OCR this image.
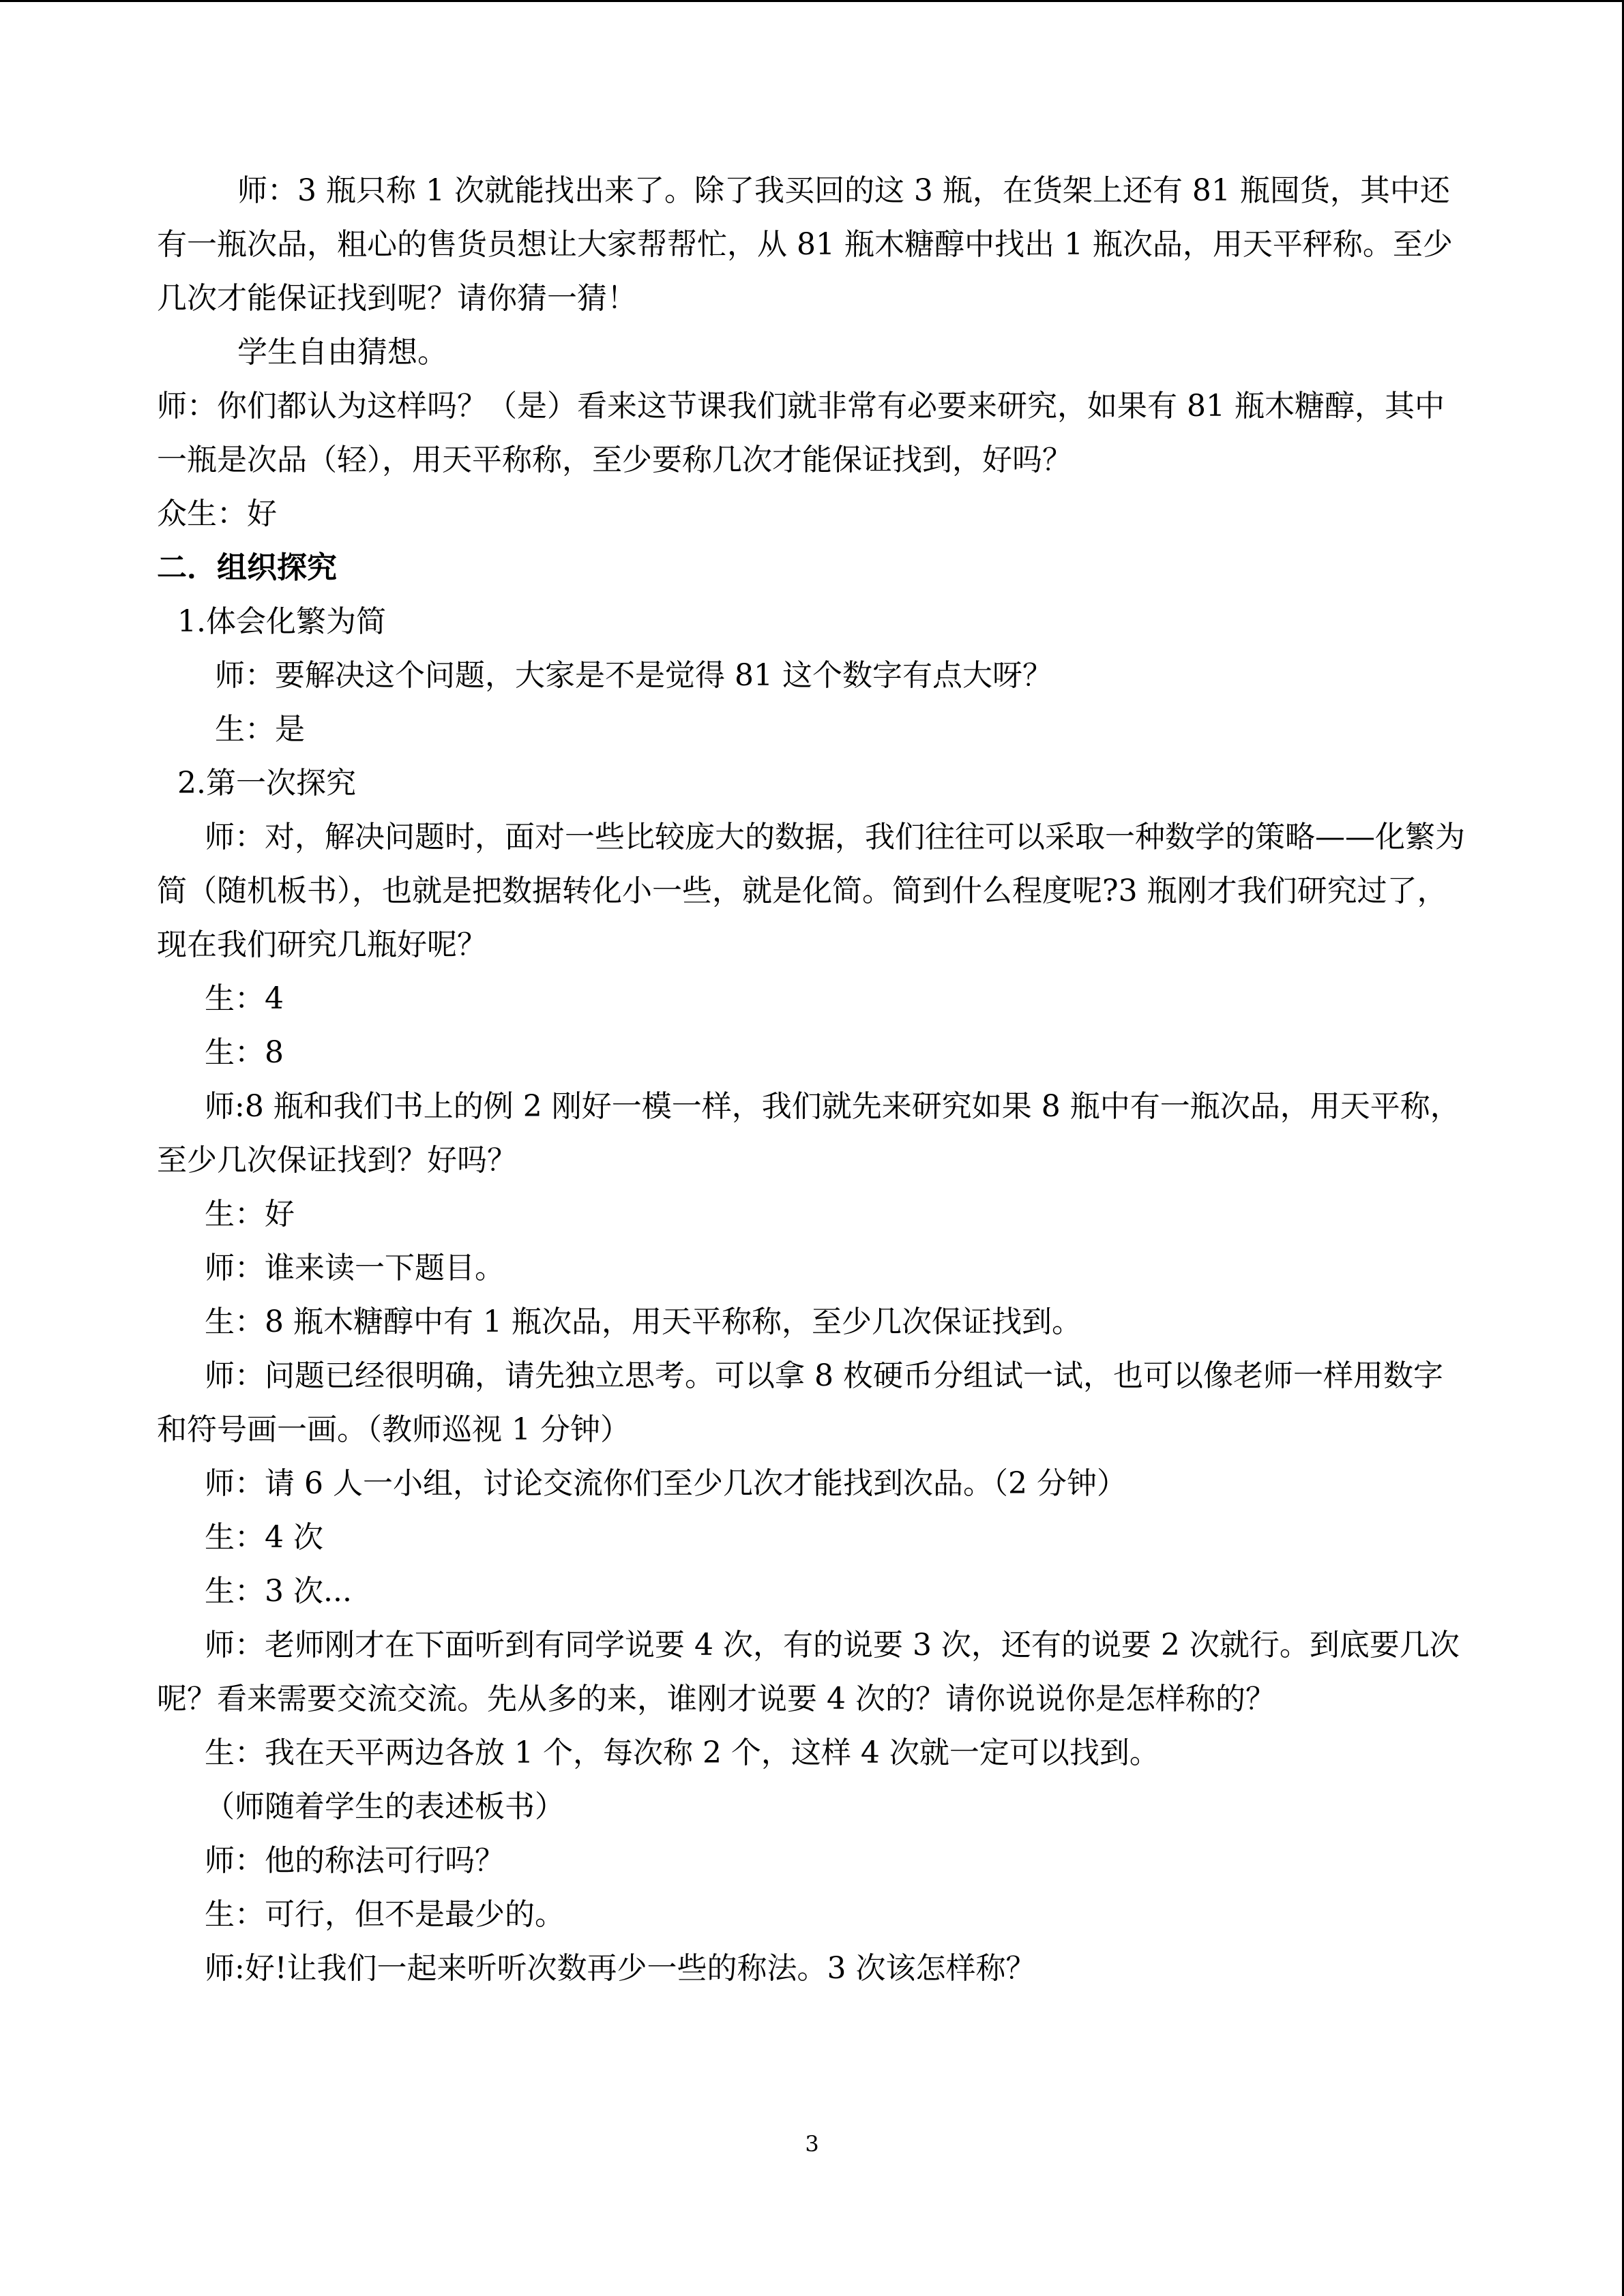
师：3 瓶只称 1 次就能找出来了。除了我买回的这 3 瓶，在货架上还有 81 瓶囤货，其中还有一瓶次品，粗心的售货员想让大家帮帮忙，从 81 瓶木糖醇中找出 1 瓶次品，用天平秤称。至少几次才能保证找到呢？请你猜一猜！

学生自由猜想。

师：你们都认为这样吗？（是）看来这节课我们就非常有必要来研究，如果有 81 瓶木糖醇，其中一瓶是次品（轻），用天平称称，至少要称几次才能保证找到，好吗？

众生：好

二．组织探究

1.体会化繁为简

师：要解决这个问题，大家是不是觉得 81 这个数字有点大呀？

生：是

2.第一次探究

师：对，解决问题时，面对一些比较庞大的数据，我们往往可以采取一种数学的策略——化繁为简（随机板书），也就是把数据转化小一些，就是化简。简到什么程度呢?3 瓶刚才我们研究过了，现在我们研究几瓶好呢？

生：4

生：8

师:8 瓶和我们书上的例 2 刚好一模一样，我们就先来研究如果 8 瓶中有一瓶次品，用天平称，至少几次保证找到？好吗？

生：好

师：谁来读一下题目。

生：8 瓶木糖醇中有 1 瓶次品，用天平称称，至少几次保证找到。

师：问题已经很明确，请先独立思考。可以拿 8 枚硬币分组试一试，也可以像老师一样用数字和符号画一画。（教师巡视 1 分钟）

师：请 6 人一小组，讨论交流你们至少几次才能找到次品。（2 分钟）

生：4 次

生：3 次...

师：老师刚才在下面听到有同学说要 4 次，有的说要 3 次，还有的说要 2 次就行。到底要几次呢？看来需要交流交流。先从多的来，谁刚才说要 4 次的？请你说说你是怎样称的？

生：我在天平两边各放 1 个，每次称 2 个，这样 4 次就一定可以找到。

（师随着学生的表述板书）

师：他的称法可行吗？

生：可行，但不是最少的。

师:好!让我们一起来听听次数再少一些的称法。3 次该怎样称？

3
